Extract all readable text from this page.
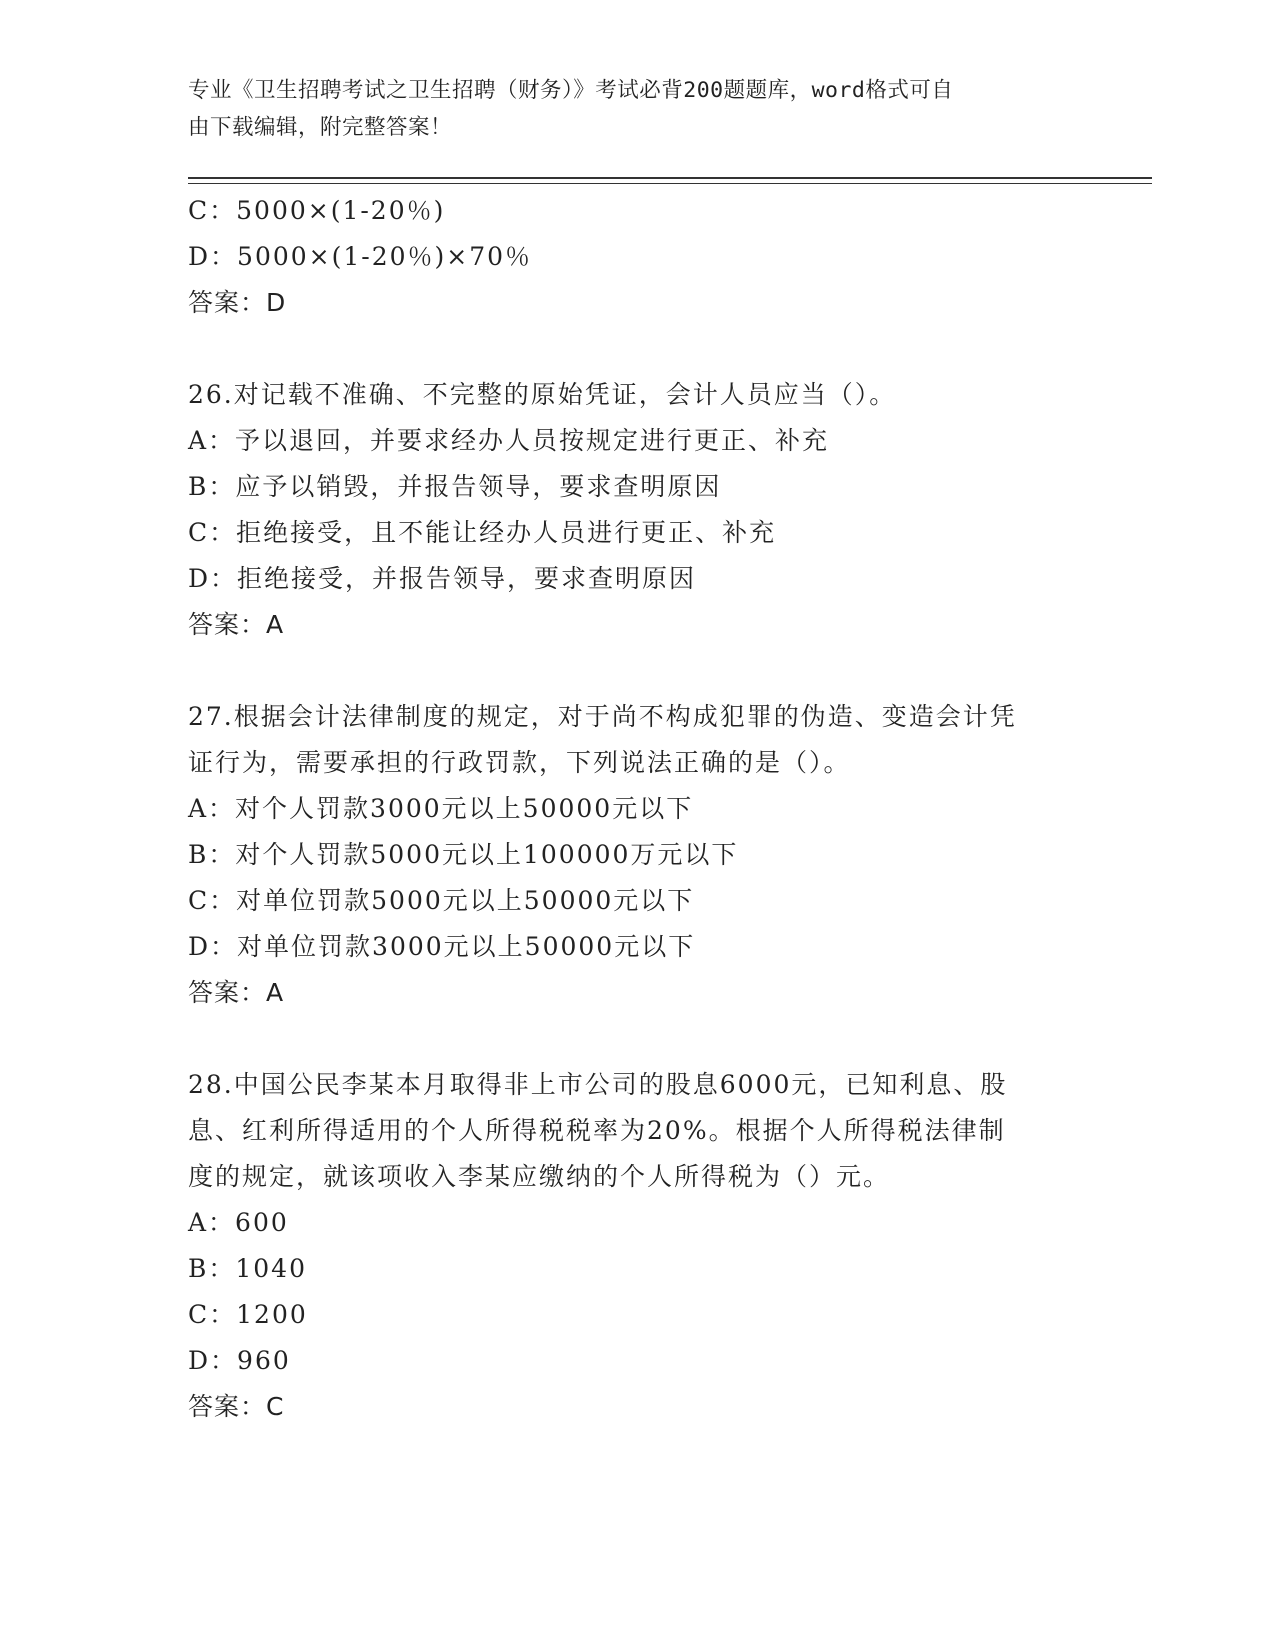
专业《卫生招聘考试之卫生招聘（财务）》考试必背200题题库，word格式可自
由下载编辑，附完整答案！
C：5000×(1-20％)
D：5000×(1-20％)×70％
答案：D
26.对记载不准确、不完整的原始凭证，会计人员应当（）。
A：予以退回，并要求经办人员按规定进行更正、补充
B：应予以销毁，并报告领导，要求查明原因
C：拒绝接受，且不能让经办人员进行更正、补充
D：拒绝接受，并报告领导，要求查明原因
答案：A
27.根据会计法律制度的规定，对于尚不构成犯罪的伪造、变造会计凭
证行为，需要承担的行政罚款，下列说法正确的是（）。
A：对个人罚款3000元以上50000元以下
B：对个人罚款5000元以上100000万元以下
C：对单位罚款5000元以上50000元以下
D：对单位罚款3000元以上50000元以下
答案：A
28.中国公民李某本月取得非上市公司的股息6000元，已知利息、股
息、红利所得适用的个人所得税税率为20%。根据个人所得税法律制
度的规定，就该项收入李某应缴纳的个人所得税为（）元。
A：600
B：1040
C：1200
D：960
答案：C
